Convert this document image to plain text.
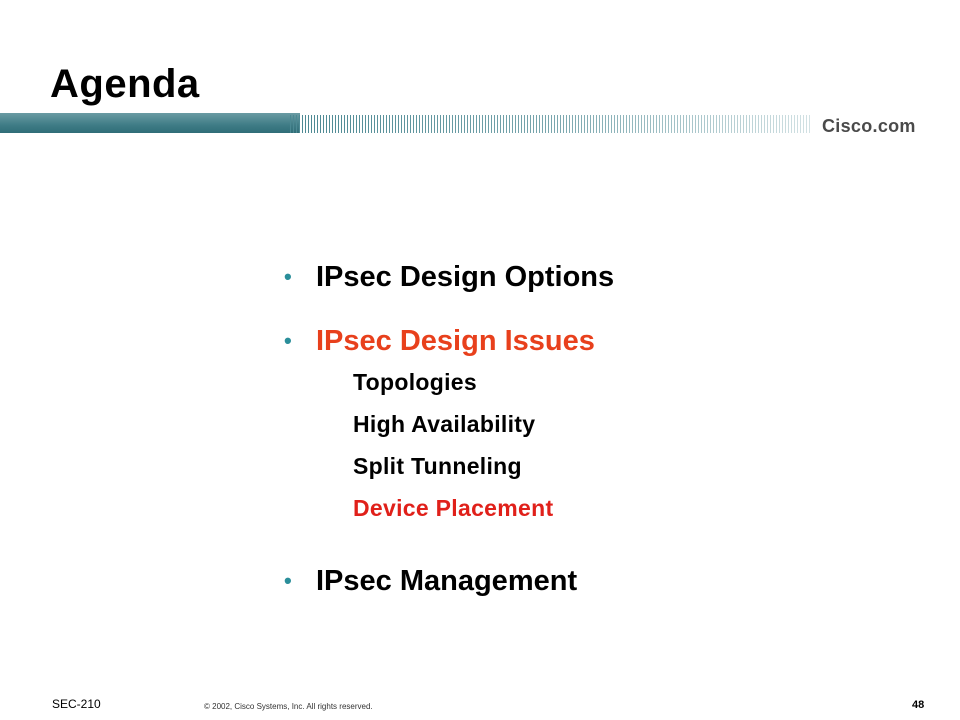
Agenda
Cisco.com
• IPsec Design Options
• IPsec Design Issues
Topologies
High Availability
Split Tunneling
Device Placement
• IPsec Management
SEC-210	© 2002, Cisco Systems, Inc. All rights reserved.	48
